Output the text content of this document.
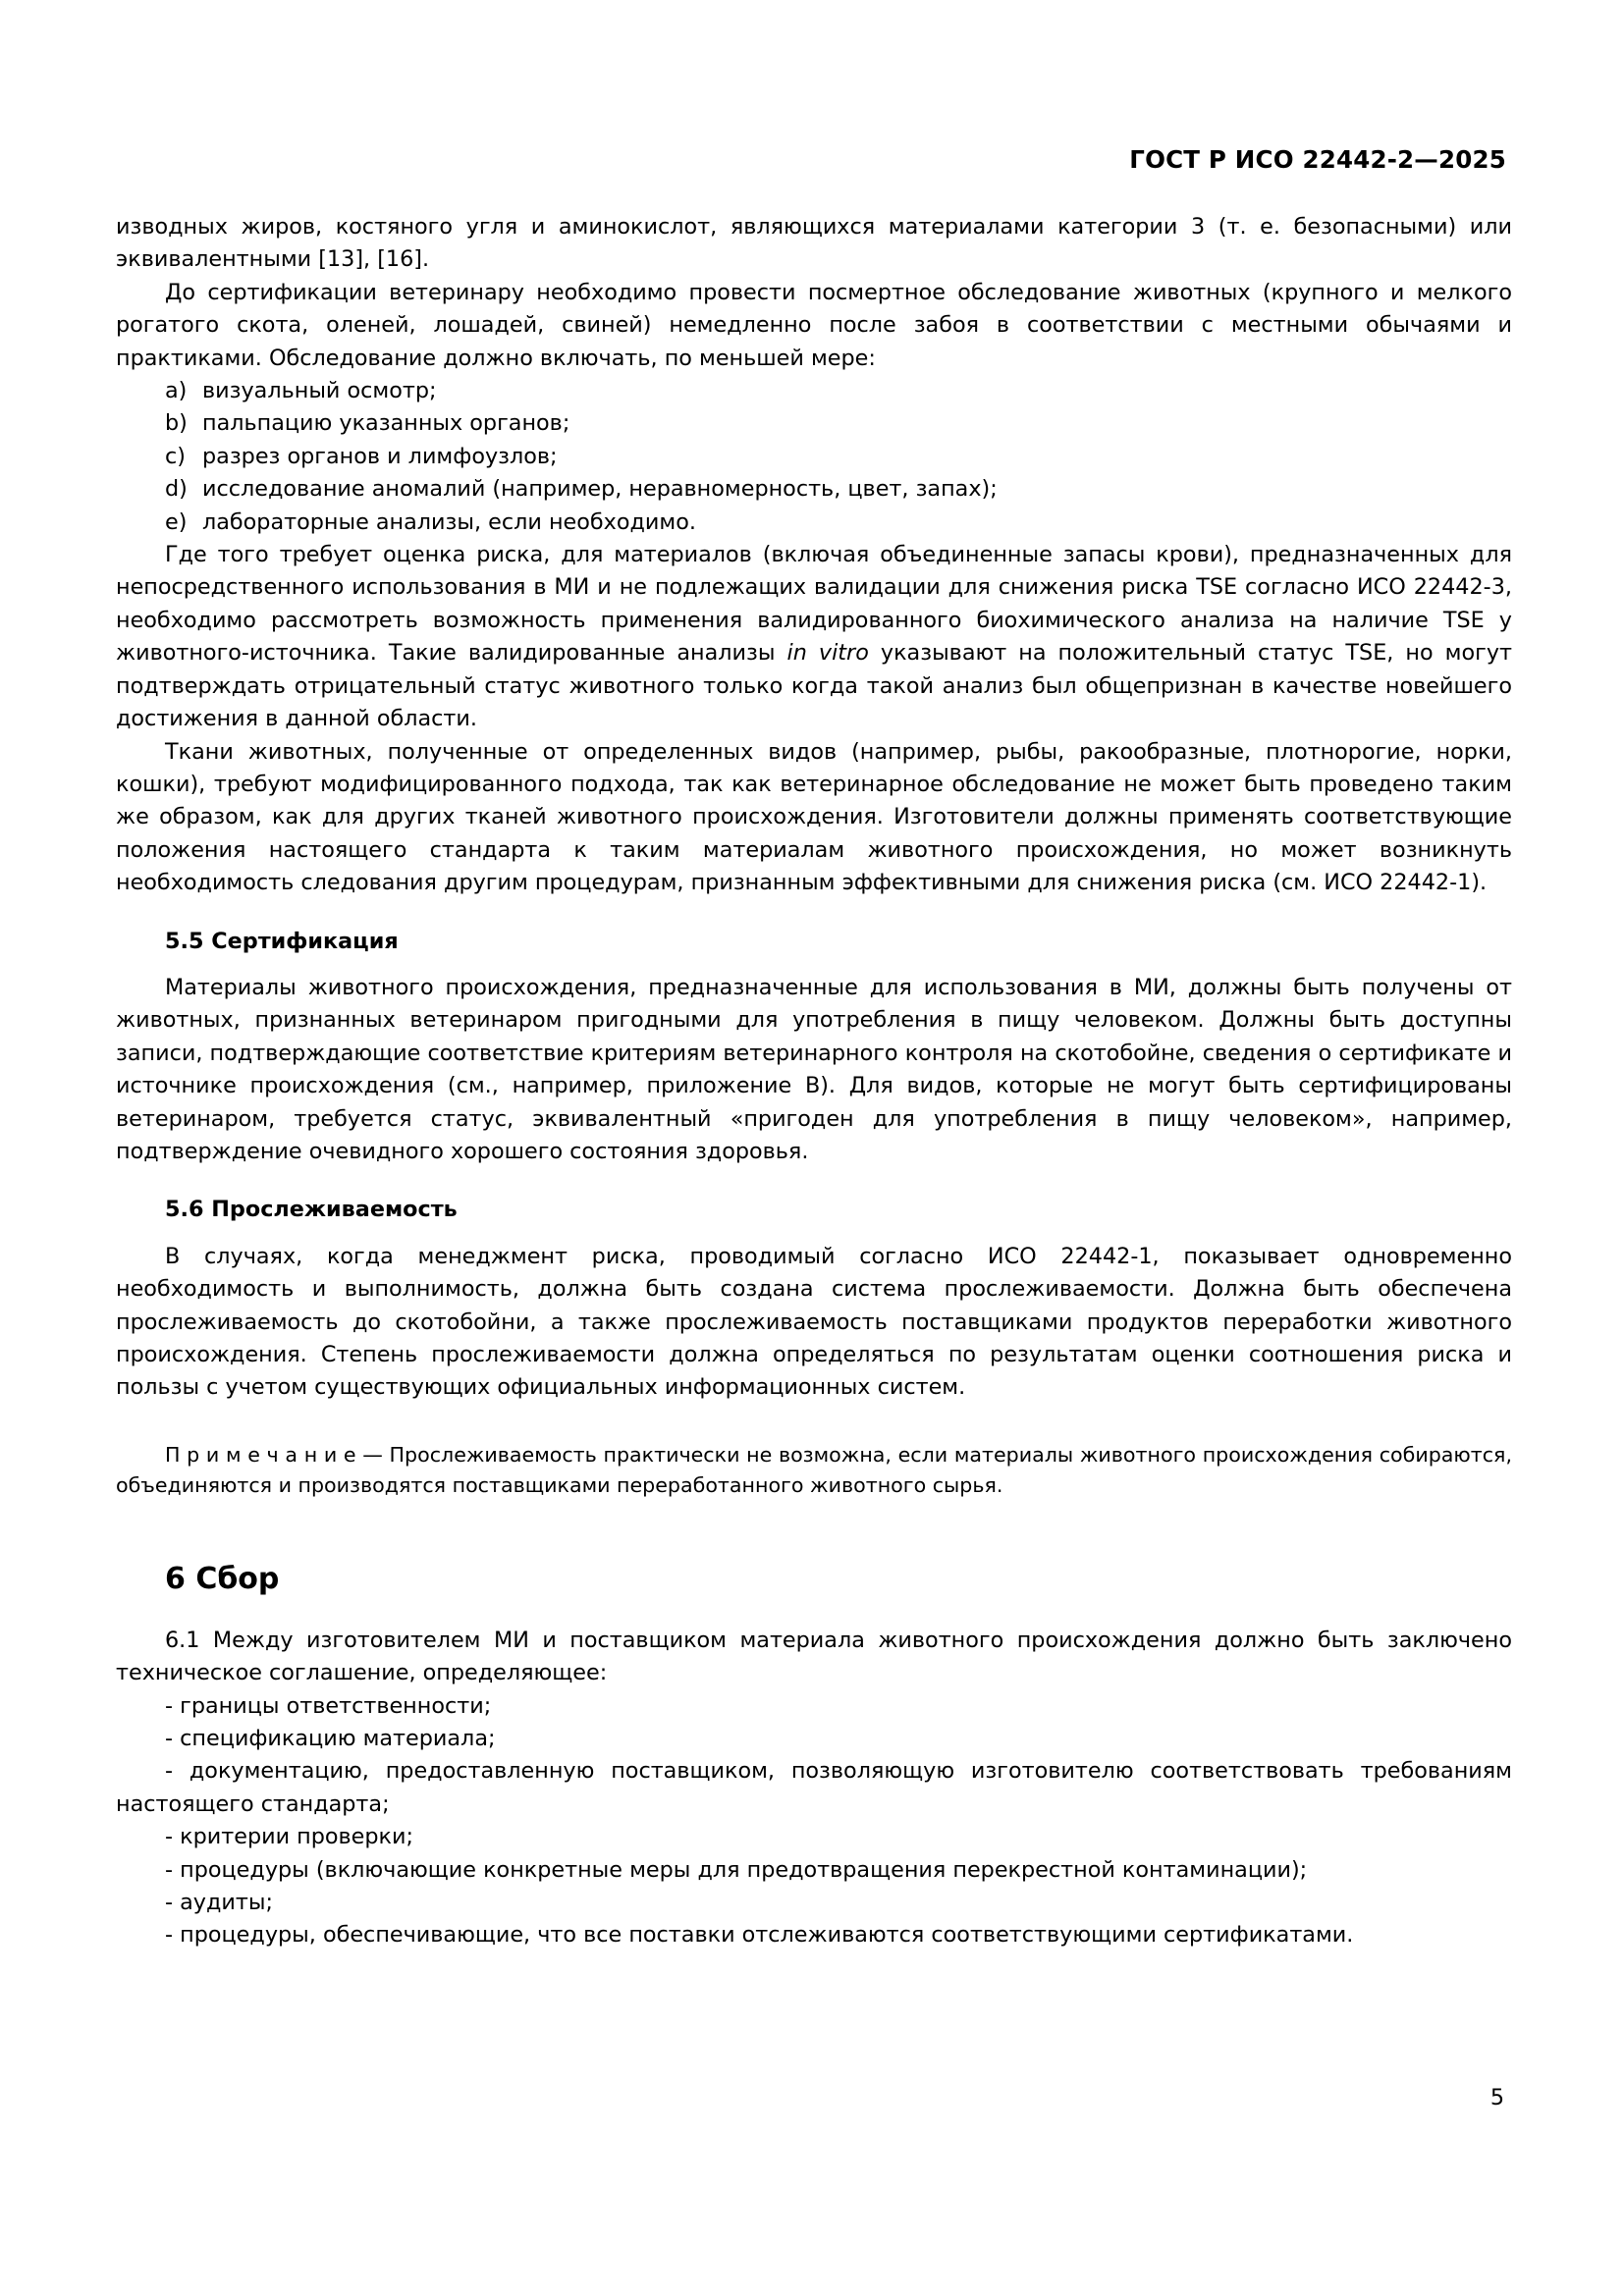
ГОСТ Р ИСО 22442-2—2025

изводных жиров, костяного угля и аминокислот, являющихся материалами категории 3 (т. е. безопасными) или эквивалентными [13], [16].

До сертификации ветеринару необходимо провести посмертное обследование животных (крупного и мелкого рогатого скота, оленей, лошадей, свиней) немедленно после забоя в соответствии с местными обычаями и практиками. Обследование должно включать, по меньшей мере:

a) визуальный осмотр;
b) пальпацию указанных органов;
c) разрез органов и лимфоузлов;
d) исследование аномалий (например, неравномерность, цвет, запах);
e) лабораторные анализы, если необходимо.

Где того требует оценка риска, для материалов (включая объединенные запасы крови), предназначенных для непосредственного использования в МИ и не подлежащих валидации для снижения риска TSE согласно ИСО 22442-3, необходимо рассмотреть возможность применения валидированного биохимического анализа на наличие TSE у животного-источника. Такие валидированные анализы in vitro указывают на положительный статус TSE, но могут подтверждать отрицательный статус животного только когда такой анализ был общепризнан в качестве новейшего достижения в данной области.

Ткани животных, полученные от определенных видов (например, рыбы, ракообразные, плотнорогие, норки, кошки), требуют модифицированного подхода, так как ветеринарное обследование не может быть проведено таким же образом, как для других тканей животного происхождения. Изготовители должны применять соответствующие положения настоящего стандарта к таким материалам животного происхождения, но может возникнуть необходимость следования другим процедурам, признанным эффективными для снижения риска (см. ИСО 22442-1).

5.5 Сертификация

Материалы животного происхождения, предназначенные для использования в МИ, должны быть получены от животных, признанных ветеринаром пригодными для употребления в пищу человеком. Должны быть доступны записи, подтверждающие соответствие критериям ветеринарного контроля на скотобойне, сведения о сертификате и источнике происхождения (см., например, приложение В). Для видов, которые не могут быть сертифицированы ветеринаром, требуется статус, эквивалентный «пригоден для употребления в пищу человеком», например, подтверждение очевидного хорошего состояния здоровья.

5.6 Прослеживаемость

В случаях, когда менеджмент риска, проводимый согласно ИСО 22442-1, показывает одновременно необходимость и выполнимость, должна быть создана система прослеживаемости. Должна быть обеспечена прослеживаемость до скотобойни, а также прослеживаемость поставщиками продуктов переработки животного происхождения. Степень прослеживаемости должна определяться по результатам оценки соотношения риска и пользы с учетом существующих официальных информационных систем.

П р и м е ч а н и е — Прослеживаемость практически не возможна, если материалы животного происхождения собираются, объединяются и производятся поставщиками переработанного животного сырья.

6 Сбор

6.1 Между изготовителем МИ и поставщиком материала животного происхождения должно быть заключено техническое соглашение, определяющее:

- границы ответственности;
- спецификацию материала;
- документацию, предоставленную поставщиком, позволяющую изготовителю соответствовать требованиям настоящего стандарта;
- критерии проверки;
- процедуры (включающие конкретные меры для предотвращения перекрестной контаминации);
- аудиты;
- процедуры, обеспечивающие, что все поставки отслеживаются соответствующими сертификатами.
5
